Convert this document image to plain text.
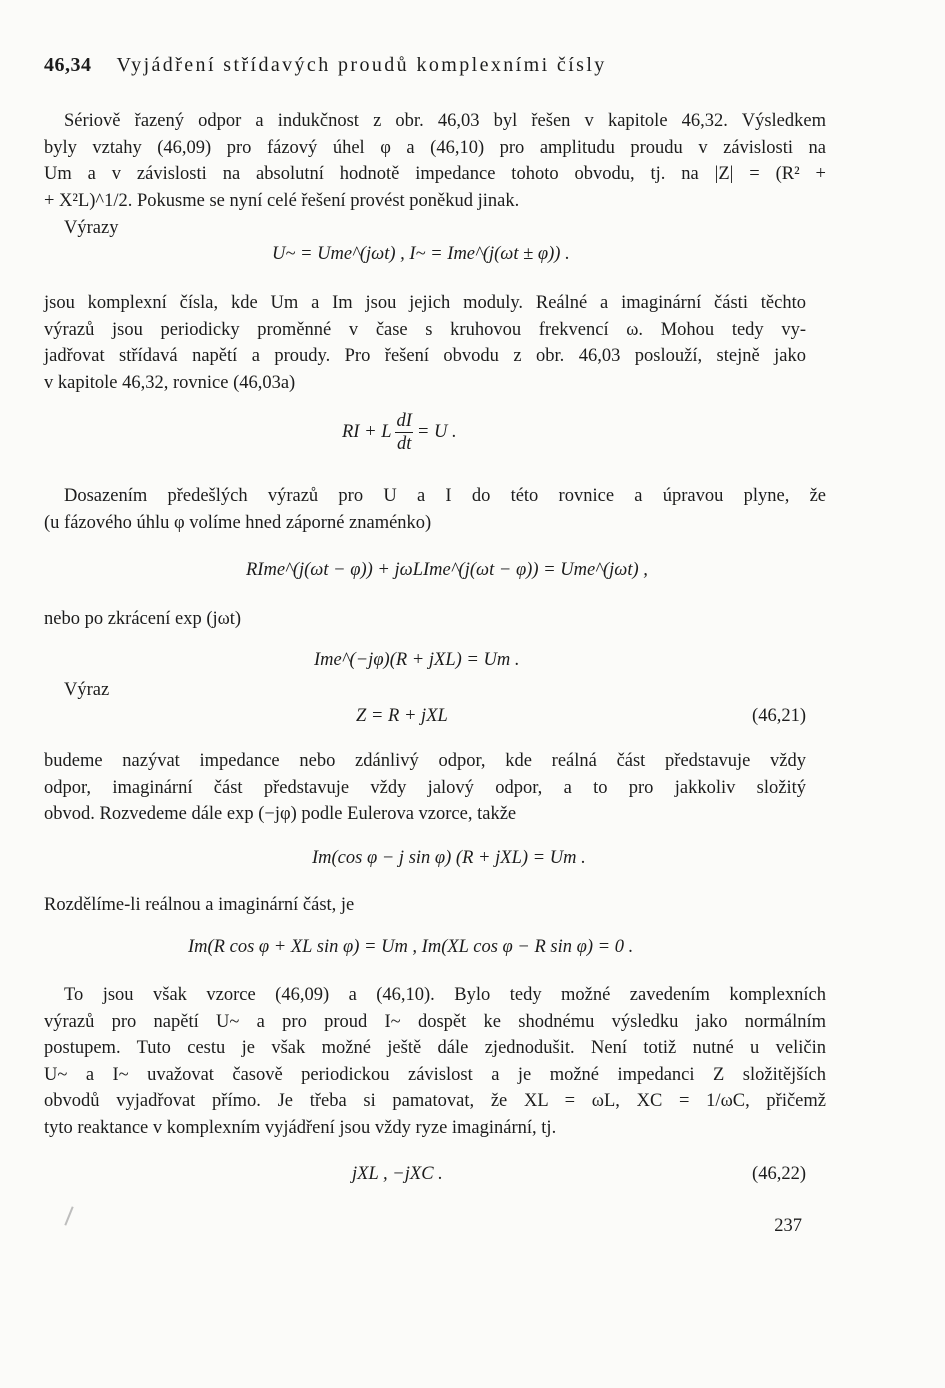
46,34 Vyjádření střídavých proudů komplexními čísly
Sériově řazený odpor a indukčnost z obr. 46,03 byl řešen v kapitole 46,32. Výsledkem
byly vztahy (46,09) pro fázový úhel φ a (46,10) pro amplitudu proudu v závislosti na
Um a v závislosti na absolutní hodnotě impedance tohoto obvodu, tj. na |Z| = (R² +
+ X²L)^1/2. Pokusme se nyní celé řešení provést poněkud jinak.
Výrazy
U~ = Ume^(jωt) , I~ = Ime^(j(ωt ± φ)) .
jsou komplexní čísla, kde Um a Im jsou jejich moduly. Reálné a imaginární části těchto
výrazů jsou periodicky proměnné v čase s kruhovou frekvencí ω. Mohou tedy vy-
jadřovat střídavá napětí a proudy. Pro řešení obvodu z obr. 46,03 poslouží, stejně jako
v kapitole 46,32, rovnice (46,03a)
RI + L $\frac{dI}{dt} = U$ .
Dosazením předešlých výrazů pro U a I do této rovnice a úpravou plyne, že
(u fázového úhlu φ volíme hned záporné znaménko)
RIme^(j(ωt − φ)) + jωLIme^(j(ωt − φ)) = Ume^(jωt) ,
nebo po zkrácení exp (jωt)
Ime^(−jφ)(R + jXL) = Um .
Výraz
Z = R + jXL	(46,21)
budeme nazývat impedance nebo zdánlivý odpor, kde reálná část představuje vždy
odpor, imaginární část představuje vždy jalový odpor, a to pro jakkoliv složitý
obvod. Rozvedeme dále exp (−jφ) podle Eulerova vzorce, takže
Im(cos φ − j sin φ) (R + jXL) = Um .
Rozdělíme-li reálnou a imaginární část, je
Im(R cos φ + XL sin φ) = Um , Im(XL cos φ − R sin φ) = 0 .
To jsou však vzorce (46,09) a (46,10). Bylo tedy možné zavedením komplexních
výrazů pro napětí U~ a pro proud I~ dospět ke shodnému výsledku jako normálním
postupem. Tuto cestu je však možné ještě dále zjednodušit. Není totiž nutné u veličin
U~ a I~ uvažovat časově periodickou závislost a je možné impedanci Z složitějších
obvodů vyjadřovat přímo. Je třeba si pamatovat, že XL = ωL, XC = 1/ωC, přičemž
tyto reaktance v komplexním vyjádření jsou vždy ryze imaginární, tj.
jXL , −jXC .	(46,22)
237
